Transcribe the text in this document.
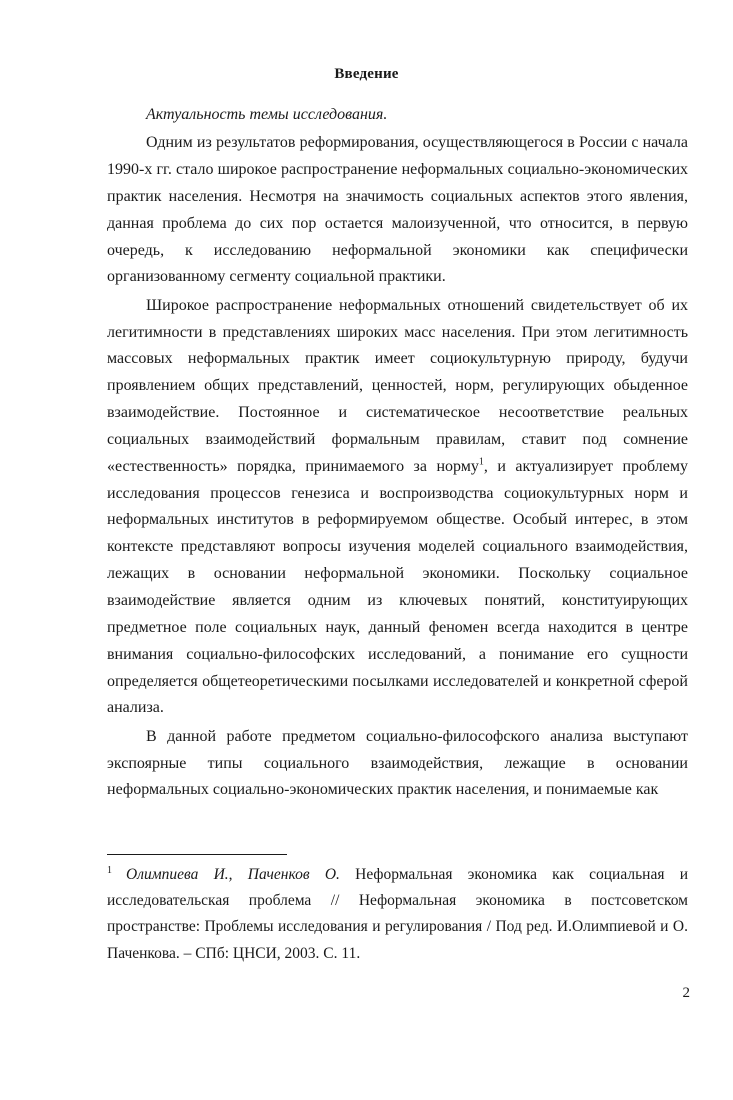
Введение

Актуальность темы исследования.

Одним из результатов реформирования, осуществляющегося в России с начала 1990-х гг. стало широкое распространение неформальных социально-экономических практик населения. Несмотря на значимость социальных аспектов этого явления, данная проблема до сих пор остается малоизученной, что относится, в первую очередь, к исследованию неформальной экономики как специфически организованному сегменту социальной практики.

Широкое распространение неформальных отношений свидетельствует об их легитимности в представлениях широких масс населения. При этом легитимность массовых неформальных практик имеет социокультурную природу, будучи проявлением общих представлений, ценностей, норм, регулирующих обыденное взаимодействие. Постоянное и систематическое несоответствие реальных социальных взаимодействий формальным правилам, ставит под сомнение «естественность» порядка, принимаемого за норму$^1$, и актуализирует проблему исследования процессов генезиса и воспроизводства социокультурных норм и неформальных институтов в реформируемом обществе. Особый интерес, в этом контексте представляют вопросы изучения моделей социального взаимодействия, лежащих в основании неформальной экономики. Поскольку социальное взаимодействие является одним из ключевых понятий, конституирующих предметное поле социальных наук, данный феномен всегда находится в центре внимания социально-философских исследований, а понимание его сущности определяется общетеоретическими посылками исследователей и конкретной сферой анализа.

В данной работе предметом социально-философского анализа выступают экспоярные типы социального взаимодействия, лежащие в основании неформальных социально-экономических практик населения, и понимаемые как

$^1$ Олимпиева И., Паченков О. Неформальная экономика как социальная и исследовательская проблема // Неформальная экономика в постсоветском пространстве: Проблемы исследования и регулирования / Под ред. И.Олимпиевой и О. Паченкова. – СПб: ЦНСИ, 2003. С. 11.

2
